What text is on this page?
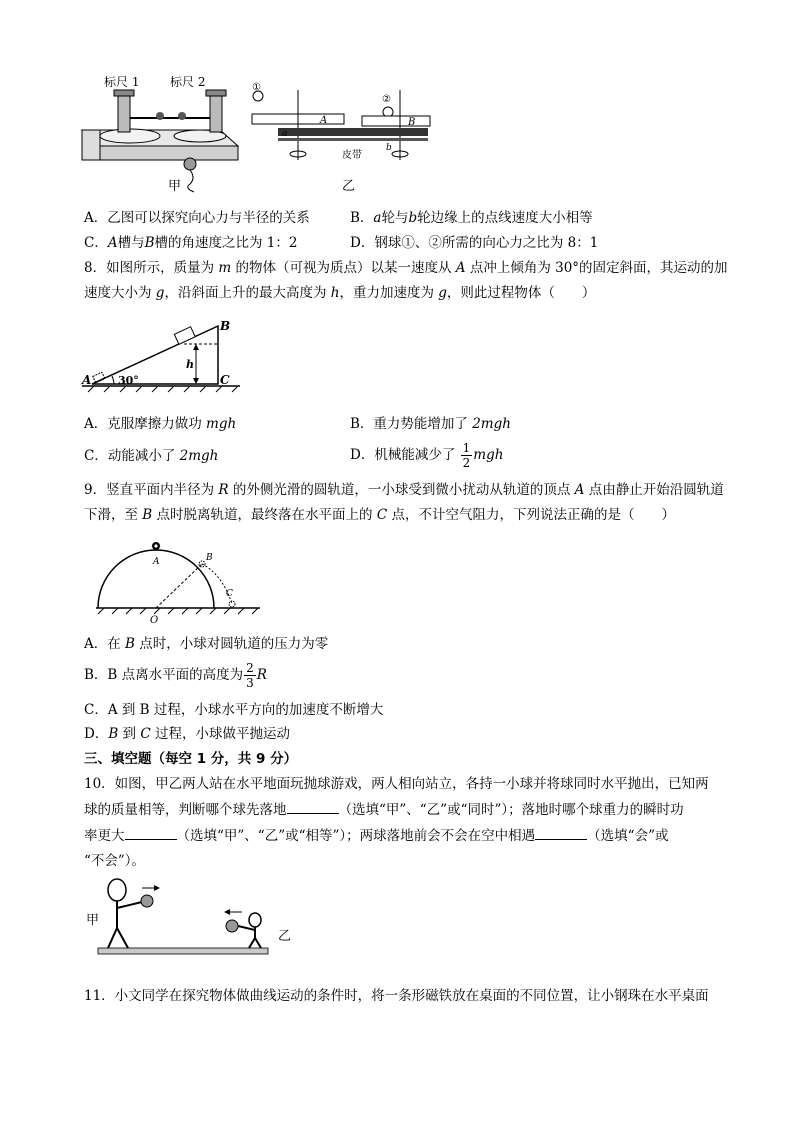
标尺 1	标尺 2
甲
①
②
A	B
a
b
皮带
乙
A．乙图可以探究向心力与半径的关系	B．a轮与b轮边缘上的点线速度大小相等
C．A槽与B槽的角速度之比为 1：2	D．钢球①、②所需的向心力之比为 8：1
8．如图所示，质量为 m 的物体（可视为质点）以某一速度从 A 点冲上倾角为 30°的固定斜面，其运动的加
速度大小为 g，沿斜面上升的最大高度为 h，重力加速度为 g，则此过程物体（　　）
h
B
C
A 30°
A．克服摩擦力做功 mgh	B．重力势能增加了 2mgh
C．动能减小了 2mgh	D．机械能减少了 $\frac{1}{2}$ mgh
9．竖直平面内半径为 R 的外侧光滑的圆轨道，一小球受到微小扰动从轨道的顶点 A 点由静止开始沿圆轨道
下滑，至 B 点时脱离轨道，最终落在水平面上的 C 点，不计空气阻力，下列说法正确的是（　　）
A	B
C
O
A．在 B 点时，小球对圆轨道的压力为零
B．B 点离水平面的高度为 $\frac{2}{3}$ R
C．A 到 B 过程，小球水平方向的加速度不断增大
D．B 到 C 过程，小球做平抛运动
三、填空题（每空 1 分，共 9 分）
10．如图，甲乙两人站在水平地面玩抛球游戏，两人相向站立，各持一小球并将球同时水平抛出，已知两
球的质量相等，判断哪个球先落地	（选填“甲”、“乙”或“同时”）；落地时哪个球重力的瞬时功
率更大	（选填“甲”、“乙”或“相等”）；两球落地前会不会在空中相遇	（选填“会”或
“不会”）。
甲
乙
11．小文同学在探究物体做曲线运动的条件时，将一条形磁铁放在桌面的不同位置，让小钢珠在水平桌面
